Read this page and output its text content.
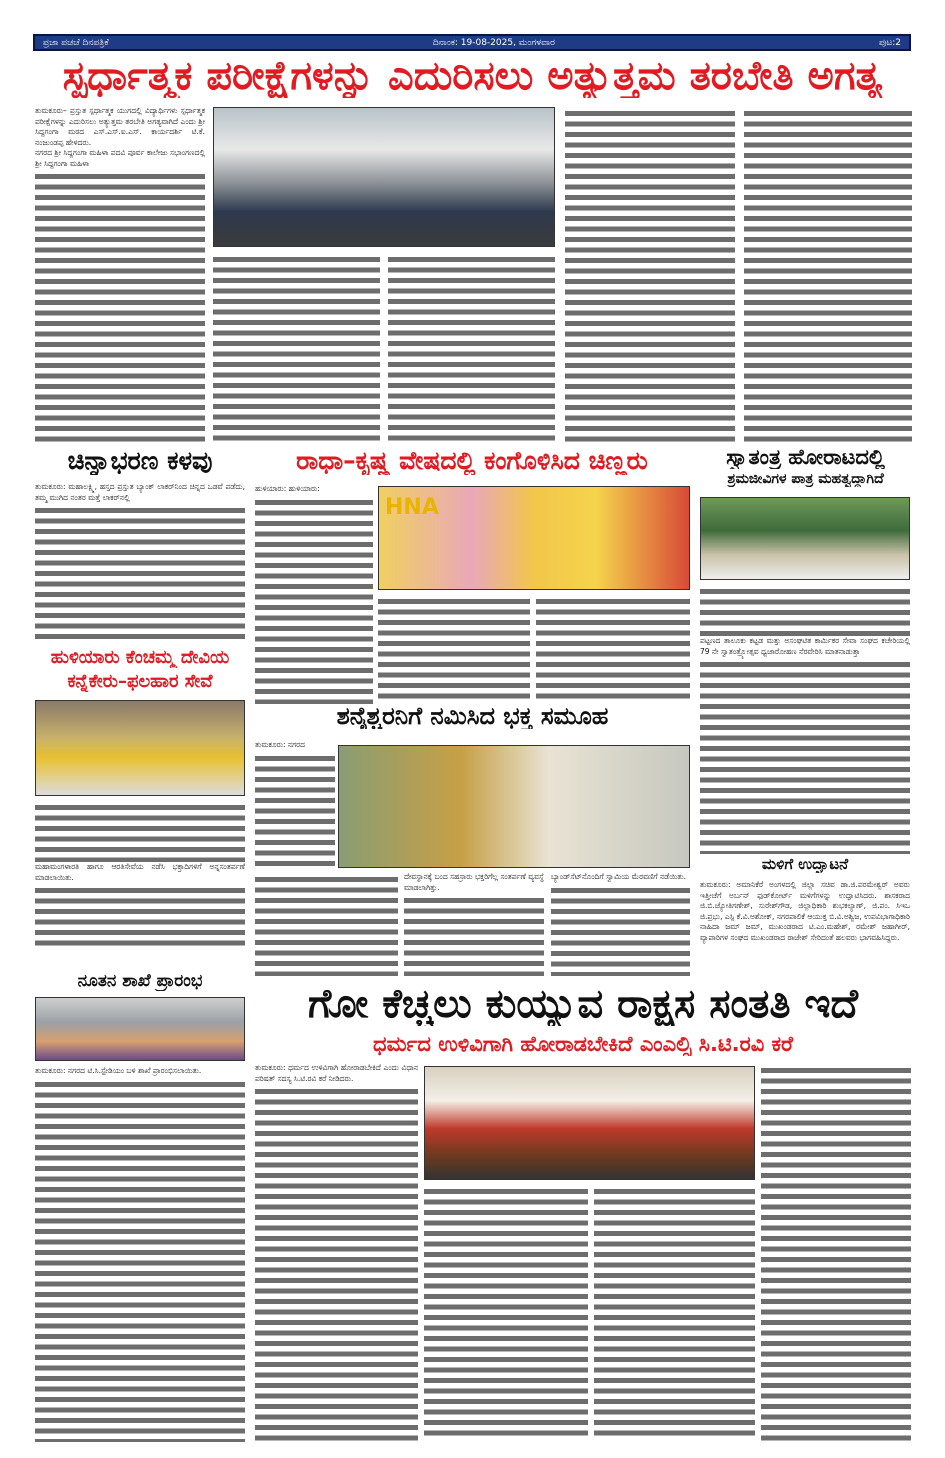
ಪ್ರಜಾ ಪಚಚೆ ದಿನಪತ್ರಿಕೆ	ದಿನಾಂಕ: 19-08-2025, ಮಂಗಳವಾರ	ಪುಟ:2
ಸ್ಪರ್ಧಾತ್ಮಕ ಪರೀಕ್ಷೆಗಳನ್ನು ಎದುರಿಸಲು ಅತ್ಯುತ್ತಮ ತರಬೇತಿ ಅಗತ್ಯ

ತುಮಕೂರು– ಪ್ರಸ್ತುತ ಸ್ಪರ್ಧಾತ್ಮಕ ಯುಗದಲ್ಲಿ ವಿದ್ಯಾರ್ಥಿಗಳು ಸ್ಪರ್ಧಾತ್ಮಕ ಪರೀಕ್ಷೆಗಳನ್ನು ಎದುರಿಸಲು ಅತ್ಯುತ್ತಮ ತರಬೇತಿ ಅಗತ್ಯವಾಗಿದೆ ಎಂದು ಶ್ರೀ ಸಿದ್ದಗಂಗಾ ಮಠದ ಎಸ್.ಎಸ್.ಐ.ಎಸ್. ಕಾರ್ಯದರ್ಶಿ ಟಿ.ಕೆ. ನಂಜುಂಡಪ್ಪ ಹೇಳಿದರು.

ನಗರದ ಶ್ರೀ ಸಿದ್ದಗಂಗಾ ಮಹಿಳಾ ಪದವಿ ಪೂರ್ವ ಕಾಲೇಜು ಸಭಾಂಗಣದಲ್ಲಿ ಶ್ರೀ ಸಿದ್ದಗಂಗಾ ಮಹಿಳಾ

ಚಿನ್ನಾಭರಣ ಕಳವು

ತುಮಕೂರು: ಮಹಾಲಕ್ಷ್ಮಿ, ಹಸ್ತದ ಪ್ರಸ್ತುತ ಬ್ಯಾಂಕ್ ಲಾಕರ್‌ನಿಂದ ಚಿನ್ನದ ಒಡವೆ ಪಡೆದು, ತಮ್ಮ ಮುಗಿದ ನಂತರ ಮತ್ತೆ ಲಾಕರ್‌ನಲ್ಲಿ

ರಾಧಾ–ಕೃಷ್ಣ ವೇಷದಲ್ಲಿ ಕಂಗೊಳಿಸಿದ ಚಿಣ್ಣರು

ಹುಳಿಯಾರು: ಹುಳಿಯಾರು:

HNA
ಸ್ವಾತಂತ್ರ ಹೋರಾಟದಲ್ಲಿ
ಶ್ರಮಜೀವಿಗಳ ಪಾತ್ರ ಮಹತ್ವದ್ದಾಗಿದೆ

ಪಟ್ಟಣದ ತಾಲೂಕು ಕಟ್ಟಡ ಮತ್ತು ಅಸಂಘಟಿತ ಕಾರ್ಮಿಕರ ಸೇವಾ ಸಂಘದ ಕಚೇರಿಯಲ್ಲಿ 79 ನೇ ಸ್ವಾತಂತ್ರ್ಯೋತ್ಸವ ಧ್ವಜಾರೋಹಣ ನೆರವೇರಿಸಿ ಮಾತನಾಡುತ್ತಾ

ಹುಳಿಯಾರು ಕೆಂಚಮ್ಮ ದೇವಿಯ
ಕನ್ನೆಕೇರು–ಫಲಹಾರ ಸೇವೆ

ಮಹಾಮಂಗಳಾರತಿ ಹಾಗೂ ಆರತಿಸೇವೆಯ ನಡೆಸಿ ಭಕ್ತಾದಿಗಳಿಗೆ ಅನ್ನಸಂತರ್ಪಣೆ ಮಾಡಲಾಯಿತು.

ಶನೈಶ್ಚರನಿಗೆ ನಮಿಸಿದ ಭಕ್ತ ಸಮೂಹ

ತುಮಕೂರು: ನಗರದ

ದೇವಸ್ಥಾನಕ್ಕೆ ಬಂದ ಸಹಸ್ರಾರು ಭಕ್ತರಿಗೆಲ್ಲ ಸಂತರ್ಪಣೆ ವ್ಯವಸ್ಥೆ ಮಾಡಲಾಗಿತ್ತು.

ಬ್ಯಾಂಡ್‌ಸೆಟ್‌ನೊಂದಿಗೆ ಸ್ವಾಮಿಯ ಮೆರವಣಿಗೆ ನಡೆಯಿತು.

ಮಳಿಗೆ ಉದ್ಘಾಟನೆ

ತುಮಕೂರು: ಅಮಾನಿಕೆರೆ ಅಂಗಳದಲ್ಲಿ ಜಿಲ್ಲಾ ಸಚಿವ ಡಾ.ಜಿ.ಪರಮೇಶ್ವರ್ ಅವರು ಇತ್ತೀಚೆಗೆ ಅರ್ಬನ್ ಫುಡ್‌ಕೋರ್ಟ್ ಮಳಿಗೆಗಳನ್ನು ಉದ್ಘಾಟಿಸಿದರು. ಶಾಸಕರಾದ ಜಿ.ಬಿ.ಜ್ಯೋತಿಗಣೇಶ್, ಸುರೇಶ್‌ಗೌಡ, ಜಿಲ್ಲಾಧಿಕಾರಿ ಶುಭಕಲ್ಯಾಣ್, ಜಿ.ಪಂ. ಸಿಇಒ ಜಿ.ಪ್ರಭು, ಎಸ್ಪಿ ಕೆ.ವಿ.ಅಶೋಕ್, ನಗರಪಾಲಿಕೆ ಆಯುಕ್ತ ಬಿ.ವಿ.ಅಶ್ವಿಜ, ಉಪವಿಭಾಗಾಧಿಕಾರಿ ನಾಹಿದಾ ಜಮ್ ಜಮ್, ಮುಖಂಡರಾದ ಟಿ.ಎಂ.ಮಹೇಶ್, ರಮೇಶ್ ಜಹಾಗೀರ್, ವ್ಯಾಪಾರಿಗಳ ಸಂಘದ ಮುಖಂಡರಾದ ರಾಜೇಶ್ ಸೇರಿದಂತೆ ಹಲವರು ಭಾಗವಹಿಸಿದ್ದರು.

ನೂತನ ಶಾಖೆ ಪ್ರಾರಂಭ

ತುಮಕೂರು: ನಗರದ ಟಿ.ಸಿ.ಸ್ಟೇಡಿಯಂ ಬಳಿ ಶಾಖೆ ಪ್ರಾರಂಭಿಸಲಾಯಿತು.

ಗೋ ಕೆಚ್ಚಲು ಕುಯ್ಯುವ ರಾಕ್ಷಸ ಸಂತತಿ ಇದೆ
ಧರ್ಮದ ಉಳಿವಿಗಾಗಿ ಹೋರಾಡಬೇಕಿದೆ ಎಂಎಲ್ಸಿ ಸಿ.ಟಿ.ರವಿ ಕರೆ

ತುಮಕೂರು: ಧರ್ಮದ ಉಳಿವಿಗಾಗಿ ಹೋರಾಡಬೇಕಿದೆ ಎಂದು ವಿಧಾನ ಪರಿಷತ್ ಸದಸ್ಯ ಸಿ.ಟಿ.ರವಿ ಕರೆ ನೀಡಿದರು.
